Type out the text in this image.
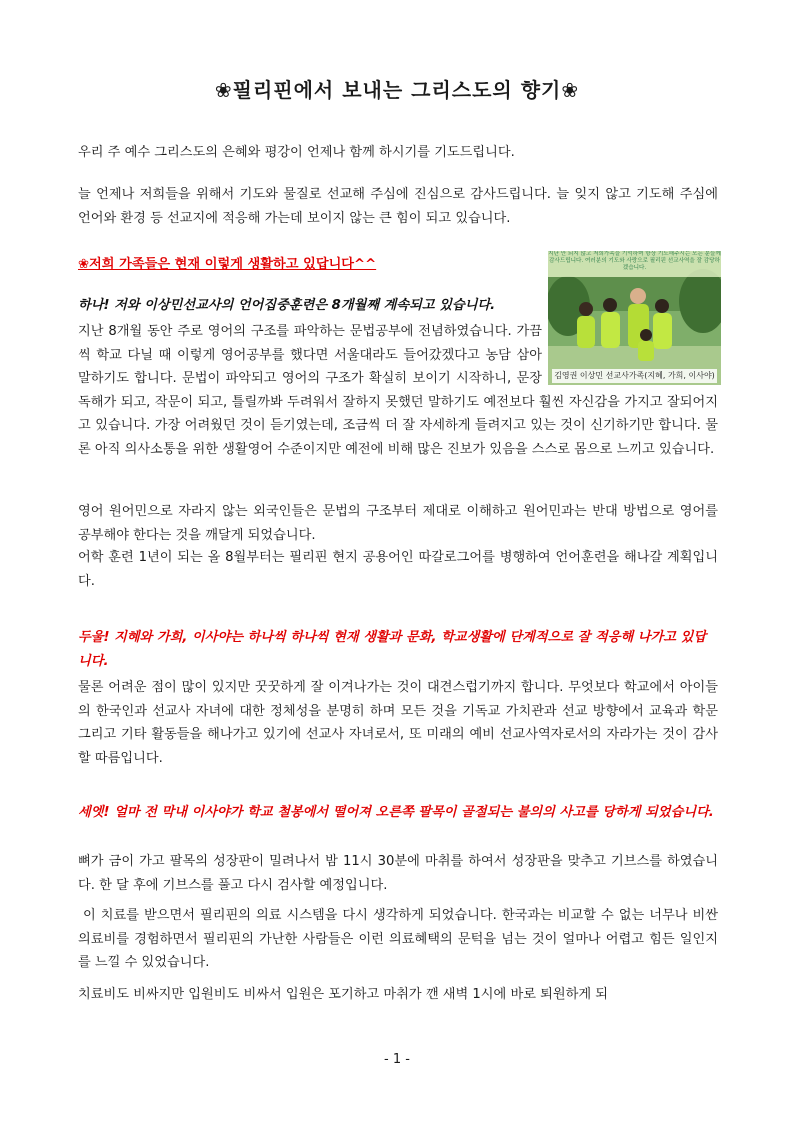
❀필리핀에서 보내는 그리스도의 향기❀

우리 주 예수 그리스도의 은혜와 평강이 언제나 함께 하시기를 기도드립니다.

늘 언제나 저희들을 위해서 기도와 물질로 선교해 주심에 진심으로 감사드립니다. 늘 잊지 않고 기도해 주심에 언어와 환경 등 선교지에 적응해 가는데 보이지 않는 큰 힘이 되고 있습니다.

❀저희 가족들은 현재 이렇게 생활하고 있답니다^^

지난 안 되지 않고 저희가족을 기억하며 항상 기도해주시는 모든 분들께 감사드립니다. 여러분의 기도와 사랑으로 필리핀 선교사역을 잘 감당하겠습니다.
김영권 이상민 선교사가족(지혜, 가희, 이사야)

하나! 저와 이상민선교사의 언어집중훈련은 8개월째 계속되고 있습니다.

지난 8개월 동안 주로 영어의 구조를 파악하는 문법공부에 전념하였습니다. 가끔씩 학교 다닐 때 이렇게 영어공부를 했다면 서울대라도 들어갔겠다고 농담 삼아 말하기도 합니다. 문법이 파악되고 영어의 구조가 확실히 보이기 시작하니, 문장 독해가 되고, 작문이 되고, 틀릴까봐 두려워서 잘하지 못했던 말하기도 예전보다 훨씬 자신감을 가지고 잘되어지고 있습니다. 가장 어려웠던 것이 듣기였는데, 조금씩 더 잘 자세하게 들려지고 있는 것이 신기하기만 합니다. 물론 아직 의사소통을 위한 생활영어 수준이지만 예전에 비해 많은 진보가 있음을 스스로 몸으로 느끼고 있습니다.

영어 원어민으로 자라지 않는 외국인들은 문법의 구조부터 제대로 이해하고 원어민과는 반대 방법으로 영어를 공부해야 한다는 것을 깨달게 되었습니다.

어학 훈련 1년이 되는 올 8월부터는 필리핀 현지 공용어인 따갈로그어를 병행하여 언어훈련을 해나갈 계획입니다.

두울! 지혜와 가희, 이사야는 하나씩 하나씩 현재 생활과 문화, 학교생활에 단계적으로 잘 적응해 나가고 있답니다.

물론 어려운 점이 많이 있지만 꿋꿋하게 잘 이겨나가는 것이 대견스럽기까지 합니다. 무엇보다 학교에서 아이들의 한국인과 선교사 자녀에 대한 정체성을 분명히 하며 모든 것을 기독교 가치관과 선교 방향에서 교육과 학문 그리고 기타 활동들을 해나가고 있기에 선교사 자녀로서, 또 미래의 예비 선교사역자로서의 자라가는 것이 감사할 따름입니다.

세엣! 얼마 전 막내 이사야가 학교 철봉에서 떨어져 오른쪽 팔목이 골절되는 불의의 사고를 당하게 되었습니다.

뼈가 금이 가고 팔목의 성장판이 밀려나서 밤 11시 30분에 마취를 하여서 성장판을 맞추고 기브스를 하였습니다. 한 달 후에 기브스를 풀고 다시 검사할 예정입니다.

이 치료를 받으면서 필리핀의 의료 시스템을 다시 생각하게 되었습니다. 한국과는 비교할 수 없는 너무나 비싼 의료비를 경험하면서 필리핀의 가난한 사람들은 이런 의료혜택의 문턱을 넘는 것이 얼마나 어렵고 힘든 일인지를 느낄 수 있었습니다.

치료비도 비싸지만 입원비도 비싸서 입원은 포기하고 마취가 깬 새벽 1시에 바로 퇴원하게 되

- 1 -
